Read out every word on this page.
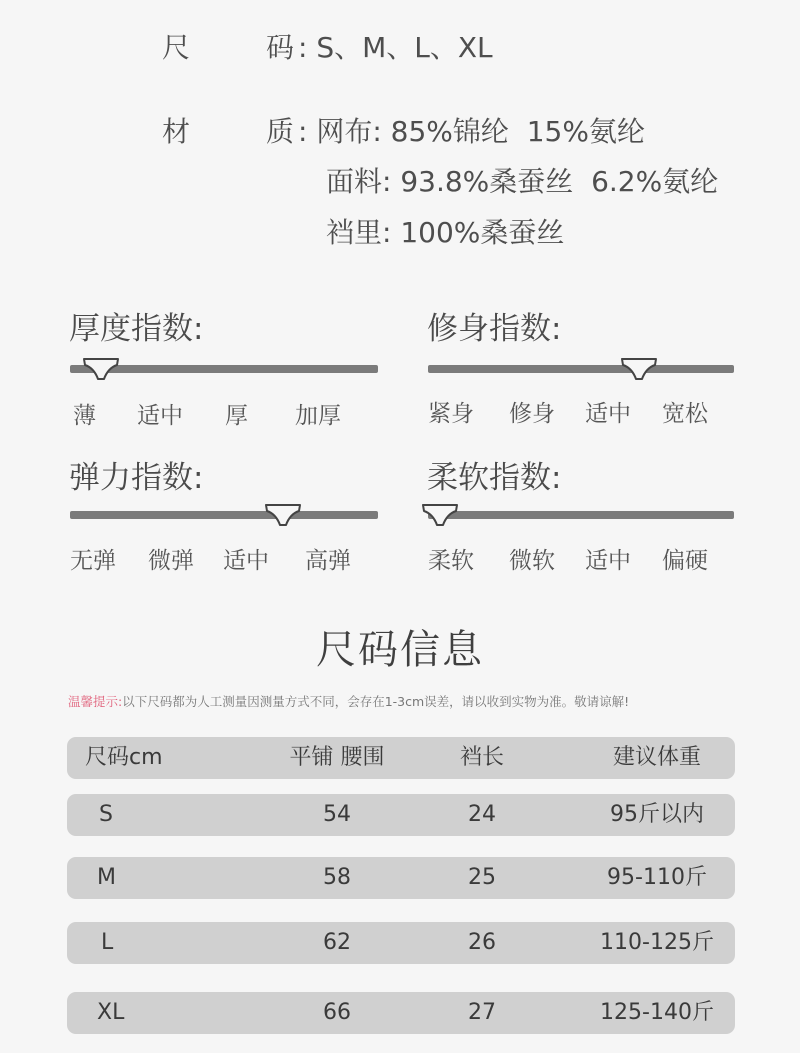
尺	码 : S、M、L、XL
材	质 : 网布: 85%锦纶  15%氨纶
面料: 93.8%桑蚕丝  6.2%氨纶
裆里: 100%桑蚕丝
厚度指数:
薄 适中 厚 加厚
修身指数:
紧身 修身 适中 宽松
弹力指数:
无弹 微弹 适中 高弹
柔软指数:
柔软 微软 适中 偏硬
尺码信息
温馨提示:以下尺码都为人工测量因测量方式不同，会存在1-3cm误差，请以收到实物为准。敬请谅解!
尺码cm	平铺 腰围	裆长	建议体重
S	54	24	95斤以内
M	58	25	95-110斤
L	62	26	110-125斤
XL	66	27	125-140斤
